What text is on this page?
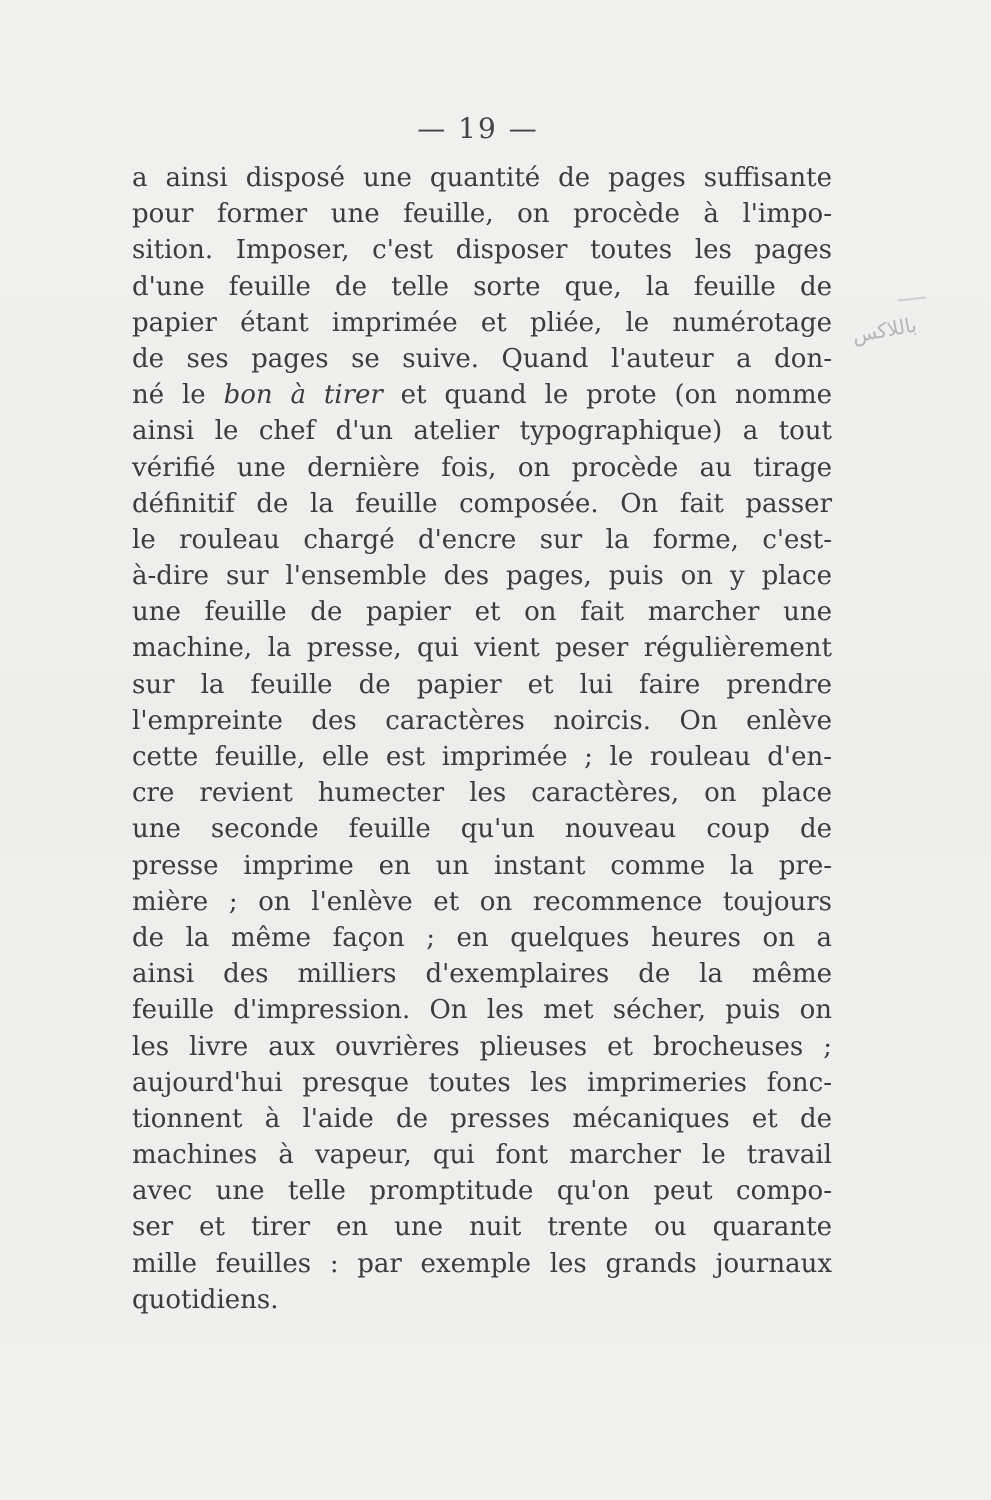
— 19 —
باللاكس
a ainsi disposé une quantité de pages suffisante
pour former une feuille, on procède à l'impo-
sition. Imposer, c'est disposer toutes les pages
d'une feuille de telle sorte que, la feuille de
papier étant imprimée et pliée, le numérotage
de ses pages se suive. Quand l'auteur a don-
né le bon à tirer et quand le prote (on nomme
ainsi le chef d'un atelier typographique) a tout
vérifié une dernière fois, on procède au tirage
définitif de la feuille composée. On fait passer
le rouleau chargé d'encre sur la forme, c'est-
à-dire sur l'ensemble des pages, puis on y place
une feuille de papier et on fait marcher une
machine, la presse, qui vient peser régulièrement
sur la feuille de papier et lui faire prendre
l'empreinte des caractères noircis. On enlève
cette feuille, elle est imprimée ; le rouleau d'en-
cre revient humecter les caractères, on place
une seconde feuille qu'un nouveau coup de
presse imprime en un instant comme la pre-
mière ; on l'enlève et on recommence toujours
de la même façon ; en quelques heures on a
ainsi des milliers d'exemplaires de la même
feuille d'impression. On les met sécher, puis on
les livre aux ouvrières plieuses et brocheuses ;
aujourd'hui presque toutes les imprimeries fonc-
tionnent à l'aide de presses mécaniques et de
machines à vapeur, qui font marcher le travail
avec une telle promptitude qu'on peut compo-
ser et tirer en une nuit trente ou quarante
mille feuilles : par exemple les grands journaux
quotidiens.
